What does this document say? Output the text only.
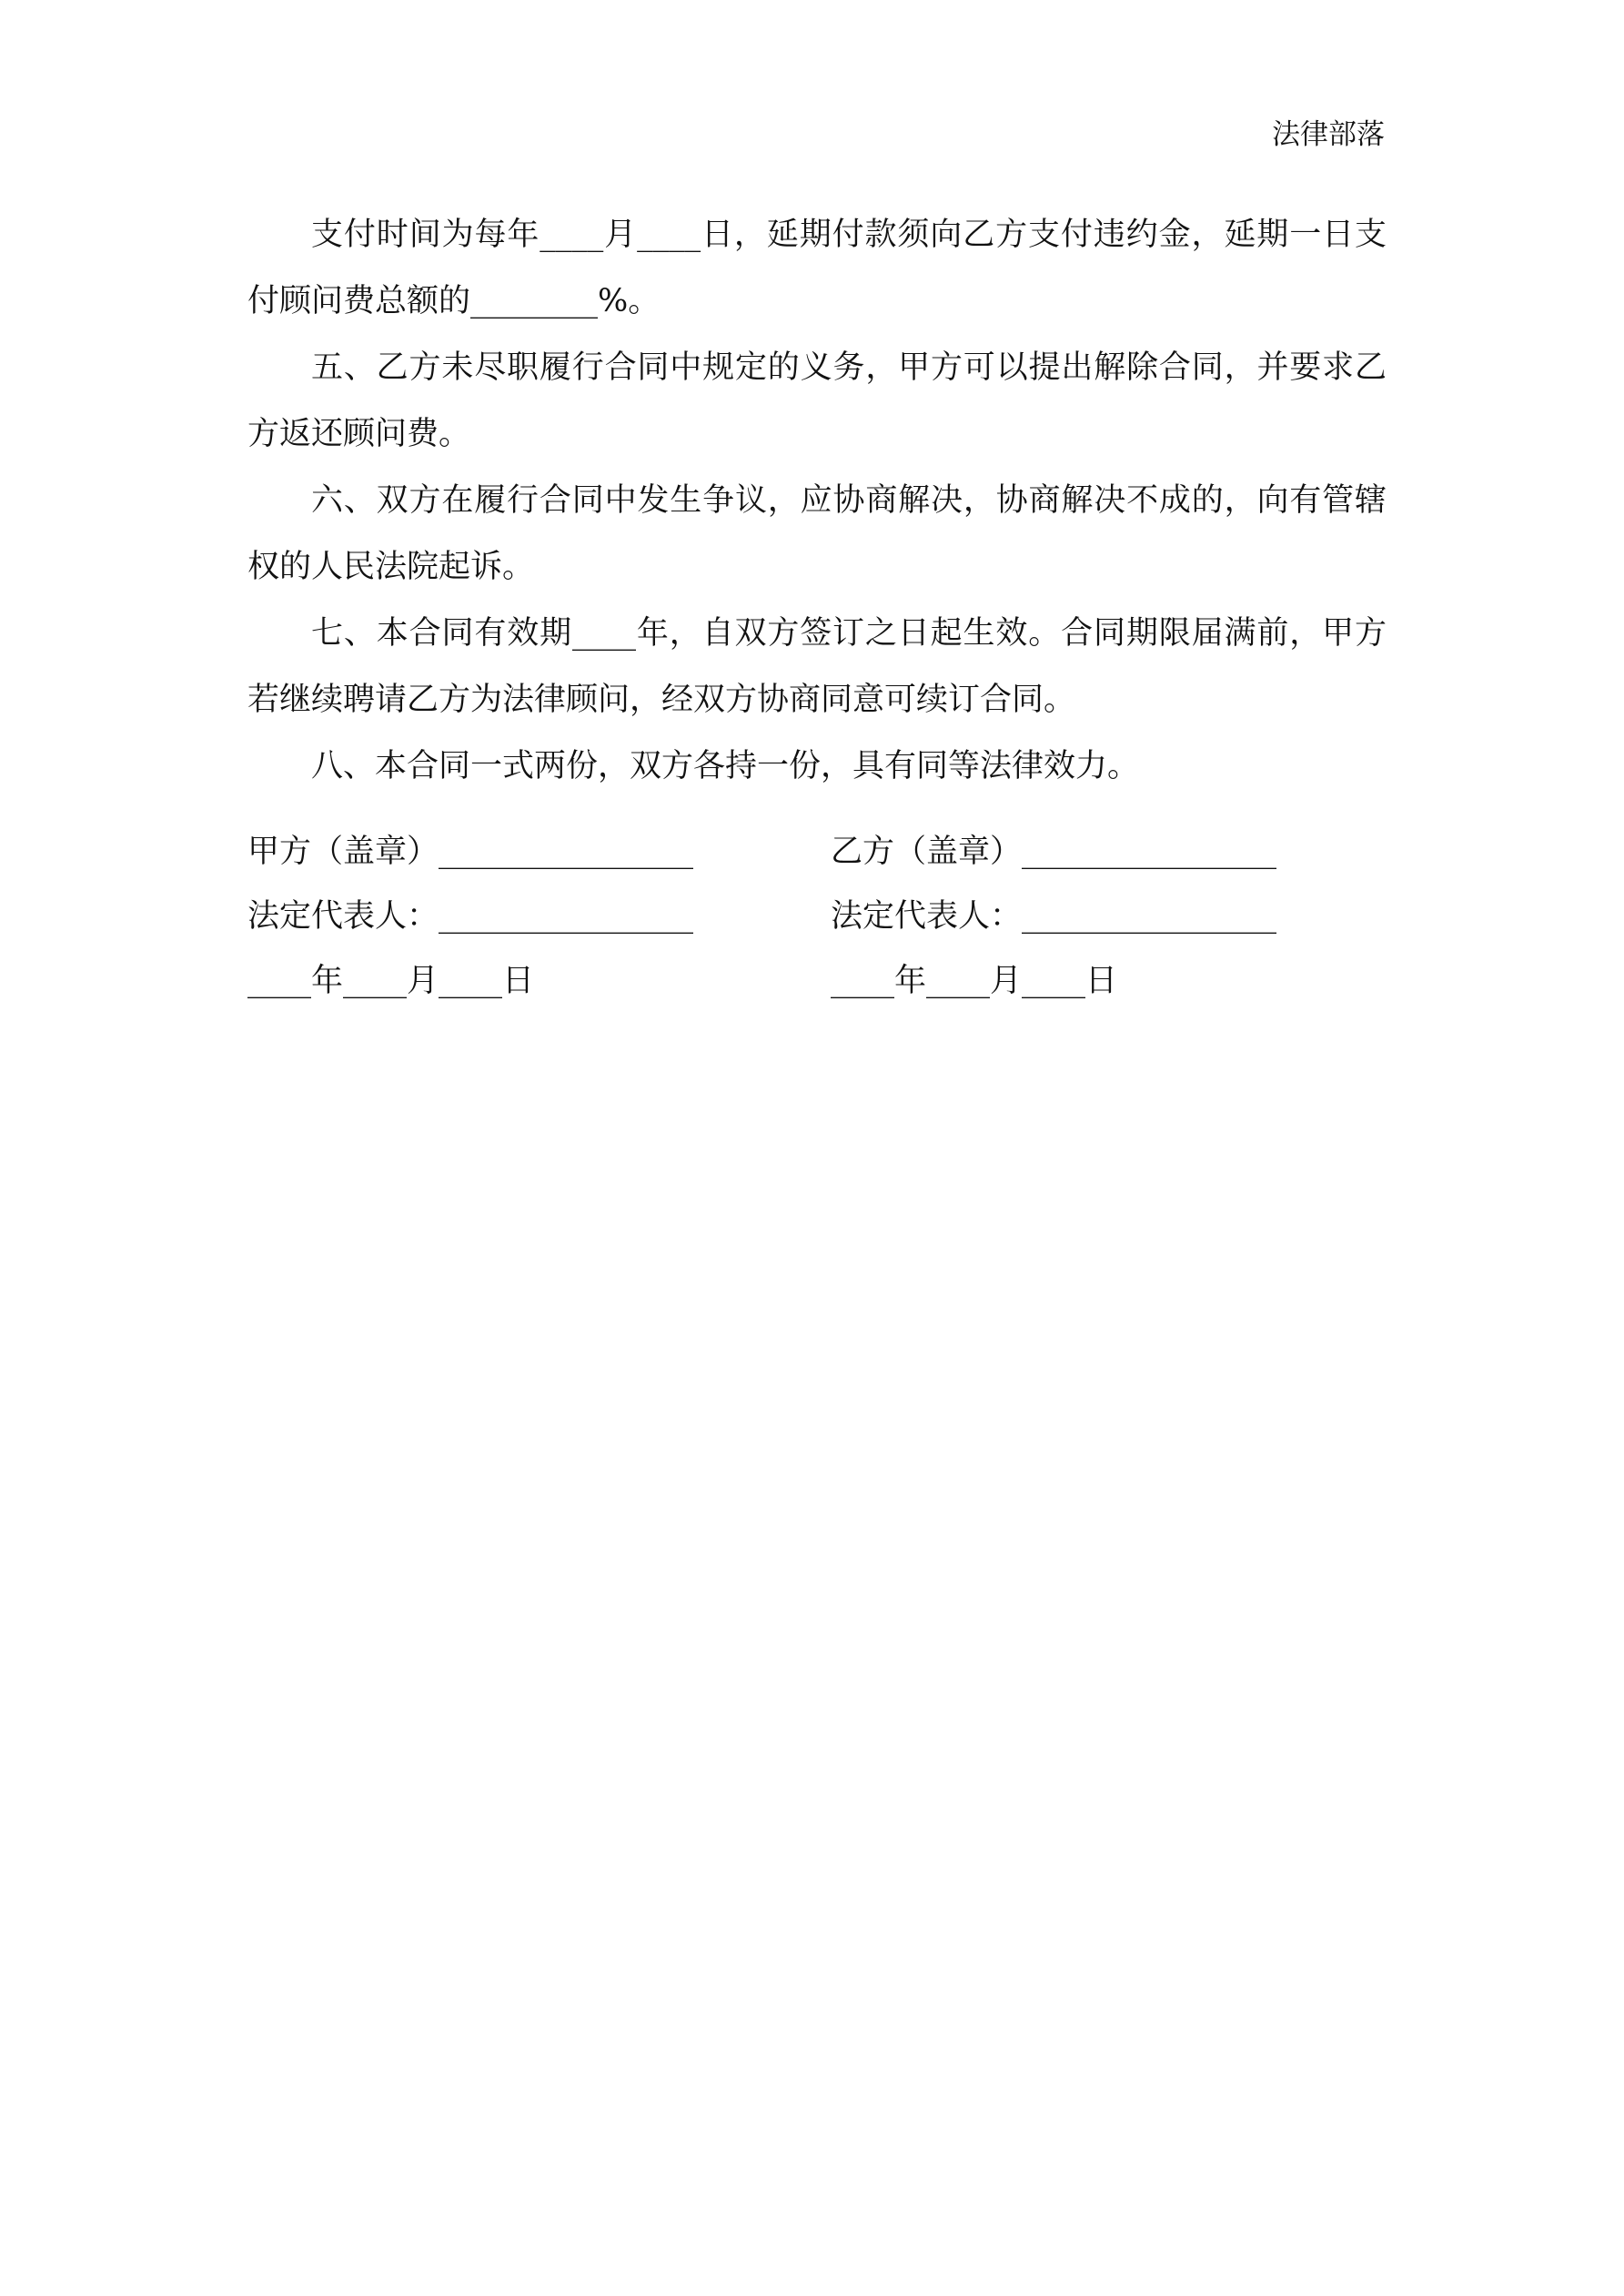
法律部落

支付时间为每年____月____日，延期付款须向乙方支付违约金，延期一日支付顾问费总额的________%。

五、乙方未尽职履行合同中规定的义务，甲方可以提出解除合同，并要求乙方返还顾问费。

六、双方在履行合同中发生争议，应协商解决，协商解决不成的，向有管辖权的人民法院起诉。

七、本合同有效期____年，自双方签订之日起生效。合同期限届满前，甲方若继续聘请乙方为法律顾问，经双方协商同意可续订合同。

八、本合同一式两份，双方各持一份，具有同等法律效力。

甲方（盖章）________________
法定代表人：________________
____年____月____日
乙方（盖章）________________
法定代表人：________________
____年____月____日
